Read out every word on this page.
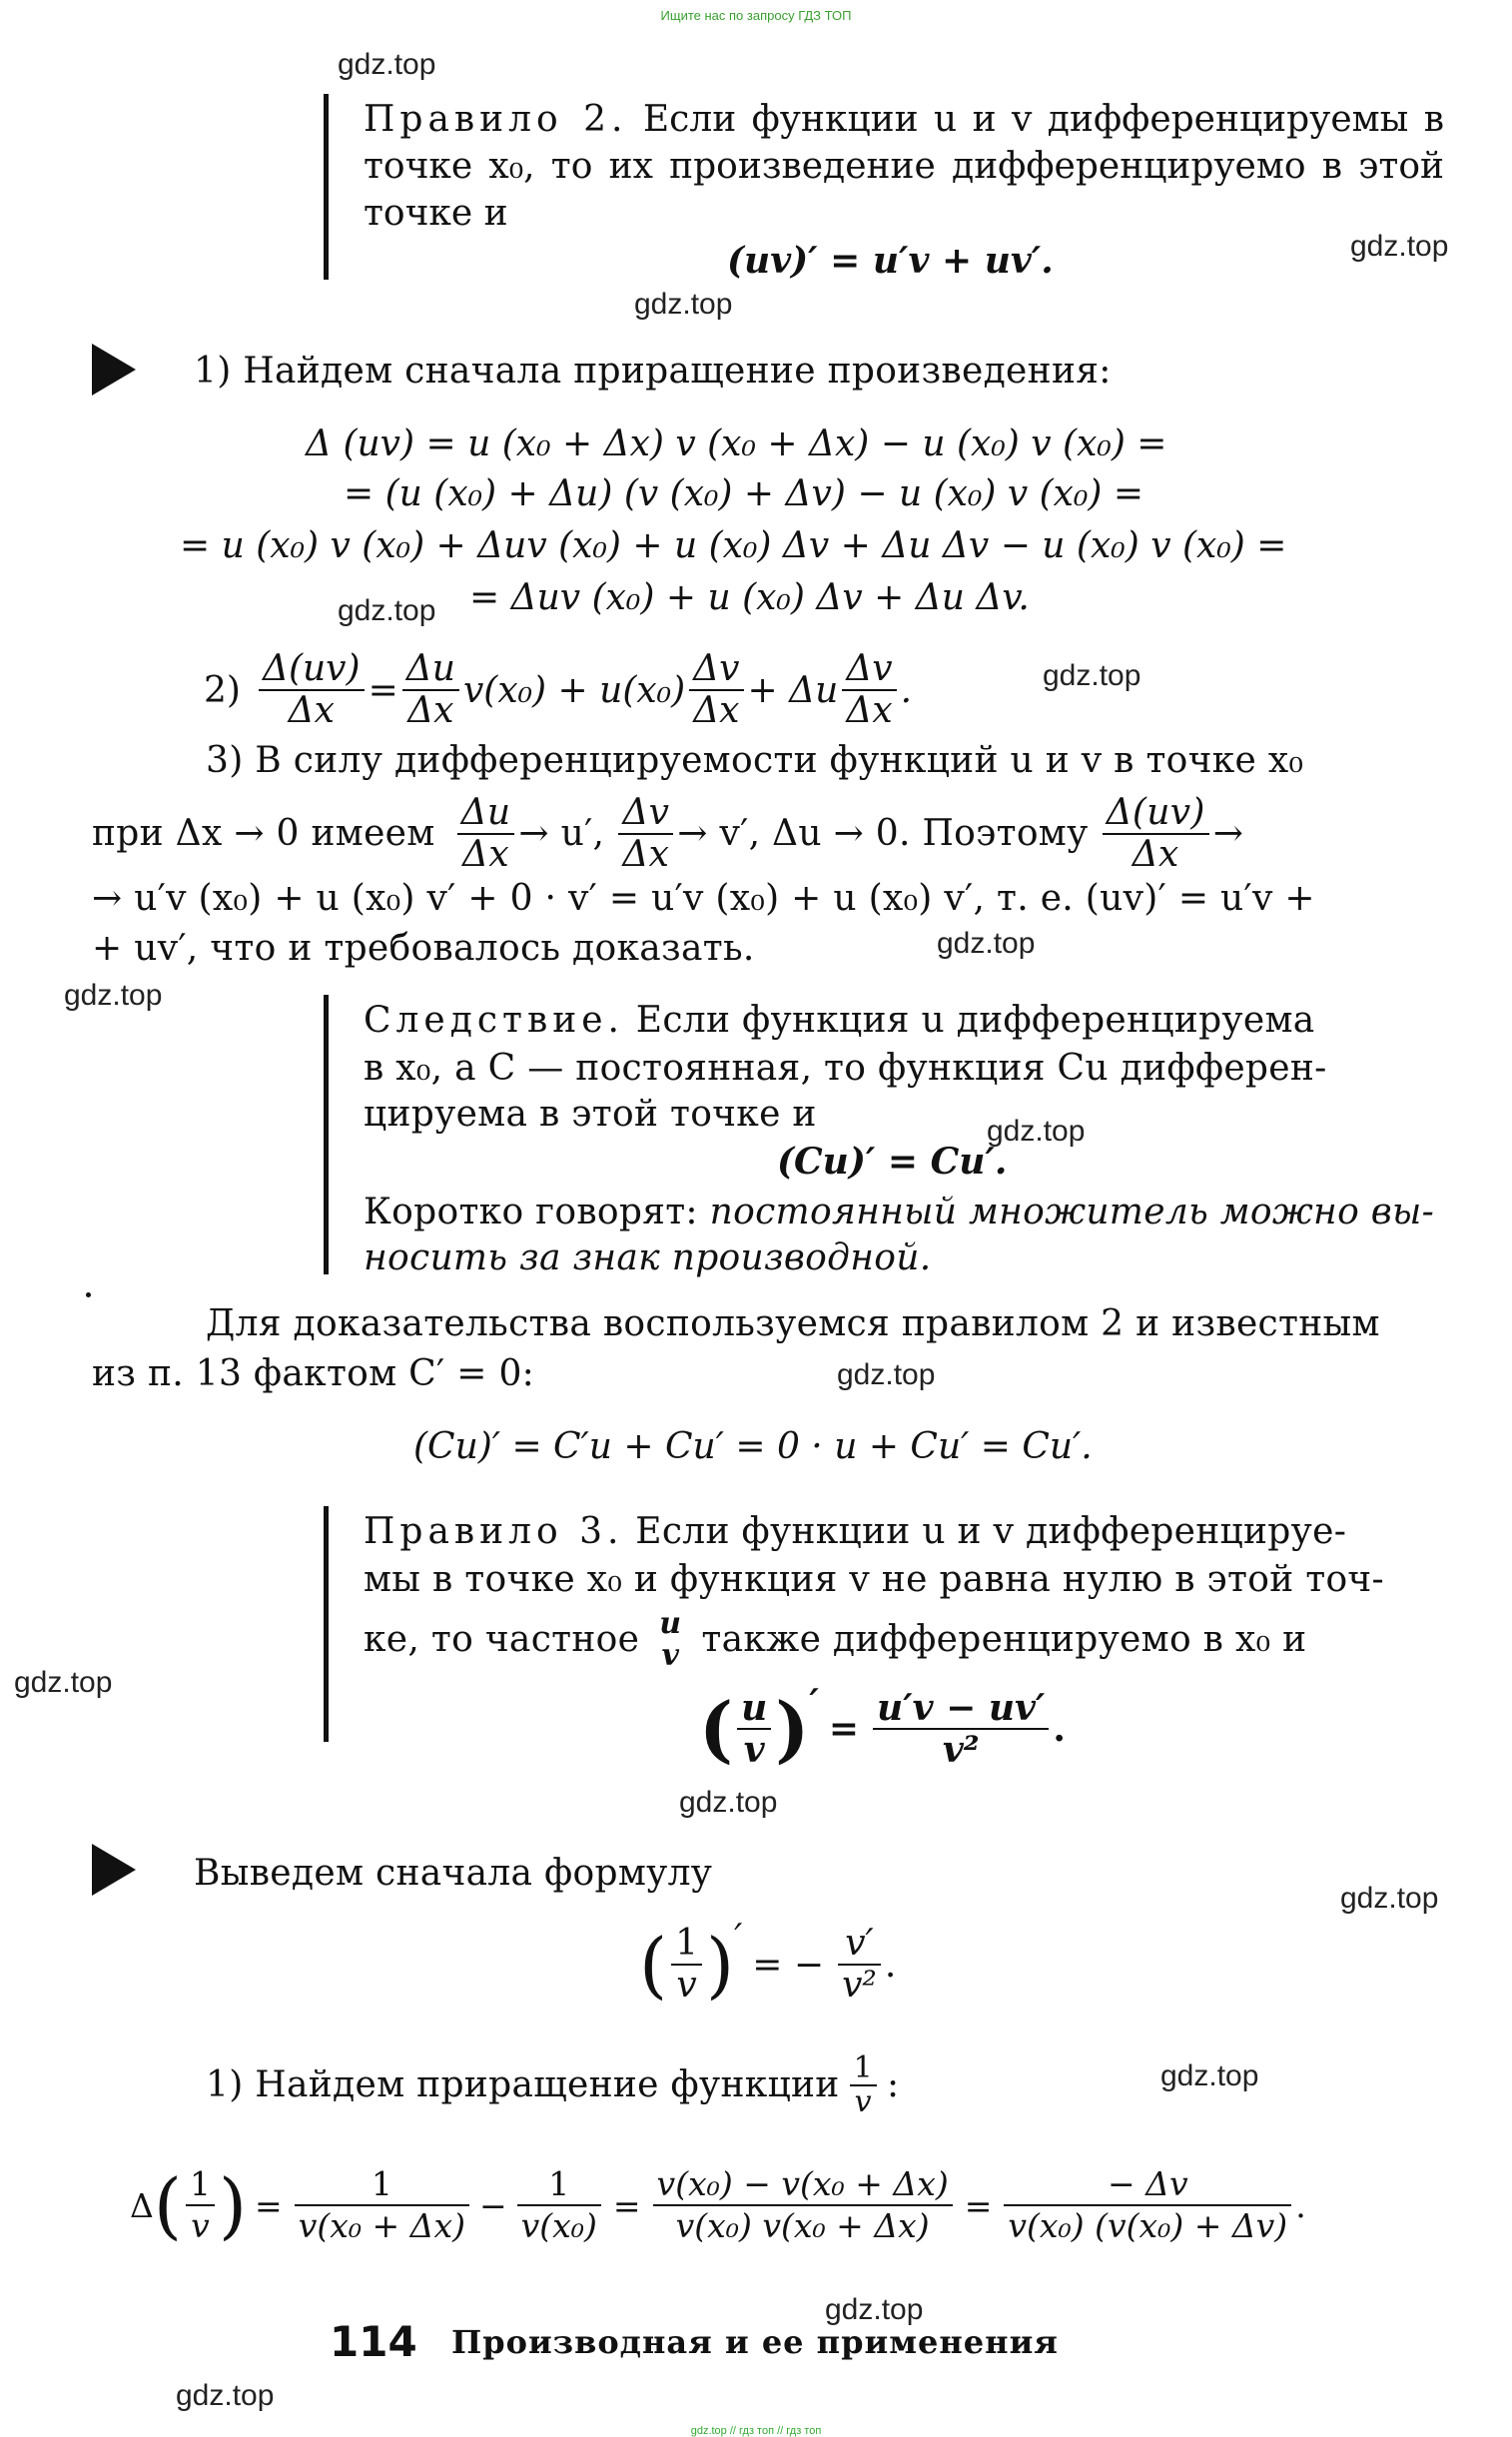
Ищите нас по запросу ГДЗ ТОП
gdz.top
gdz.top
gdz.top
gdz.top
gdz.top
gdz.top
gdz.top
gdz.top
gdz.top
gdz.top
gdz.top
gdz.top
gdz.top
gdz.top
gdz.top
Правило 2. Если функции u и v дифференцируемы в точке x₀, то их произведение дифференцируемо в этой точке и
(uv)′ = u′v + uv′.
1) Найдем сначала приращение произведения:
Δ (uv) = u (x₀ + Δx) v (x₀ + Δx) − u (x₀) v (x₀) =
= (u (x₀) + Δu) (v (x₀) + Δv) − u (x₀) v (x₀) =
= u (x₀) v (x₀) + Δuv (x₀) + u (x₀) Δv + Δu Δv − u (x₀) v (x₀) =
= Δuv (x₀) + u (x₀) Δv + Δu Δv.
$2) \frac{\Delta(uv)}{\Delta x} = \frac{\Delta u}{\Delta x} v(x_0) + u(x_0) \frac{\Delta v}{\Delta x} + \Delta u \frac{\Delta v}{\Delta x}$ .
3) В силу дифференцируемости функций u и v в точке x₀
при Δx → 0 имеем $\frac{\Delta u}{\Delta x} \to u'$, $\frac{\Delta v}{\Delta x} \to v'$, Δu → 0. Поэтому $\frac{\Delta(uv)}{\Delta x}$ →
→ u′v (x₀) + u (x₀) v′ + 0 · v′ = u′v (x₀) + u (x₀) v′, т. е. (uv)′ = u′v +
+ uv′, что и требовалось доказать.
Следствие. Если функция u дифференцируема
в x₀, а C — постоянная, то функция Cu дифферен-
цируема в этой точке и
(Cu)′ = Cu′.
Коротко говорят: постоянный множитель можно вы-
носить за знак производной.
Для доказательства воспользуемся правилом 2 и известным
из п. 13 фактом C′ = 0:
(Cu)′ = C′u + Cu′ = 0 · u + Cu′ = Cu′.
Правило 3. Если функции u и v дифференцируе-
мы в точке x₀ и функция v не равна нулю в этой точ-
ке, то частное u
v также дифференцируемо в x₀ и
( $\frac{u}{v}$ ) ′
= $\frac{u'v - uv'}{\text{v²}}$ .
Выведем сначала формулу
( $\frac{1}{v}$ ) ′
= − $\frac{v'}{\text{v²}}$ .
1) Найдем приращение функции $\frac{1}{v}$ :
Δ ( $\frac{1}{v}$ ) = $\frac{1}{\text{v(x₀ + Δx)}} - \frac{1}{\text{v(x₀)}} = \frac{\text{v(x₀) − v(x₀ + Δx)}}{\text{v(x₀) v(x₀ + Δx)}} = \frac{- \Delta v}{\text{v(x₀) (v(x₀) + Δv)}}$ .
114 Производная и ее применения
gdz.top // гдз топ // гдз топ
